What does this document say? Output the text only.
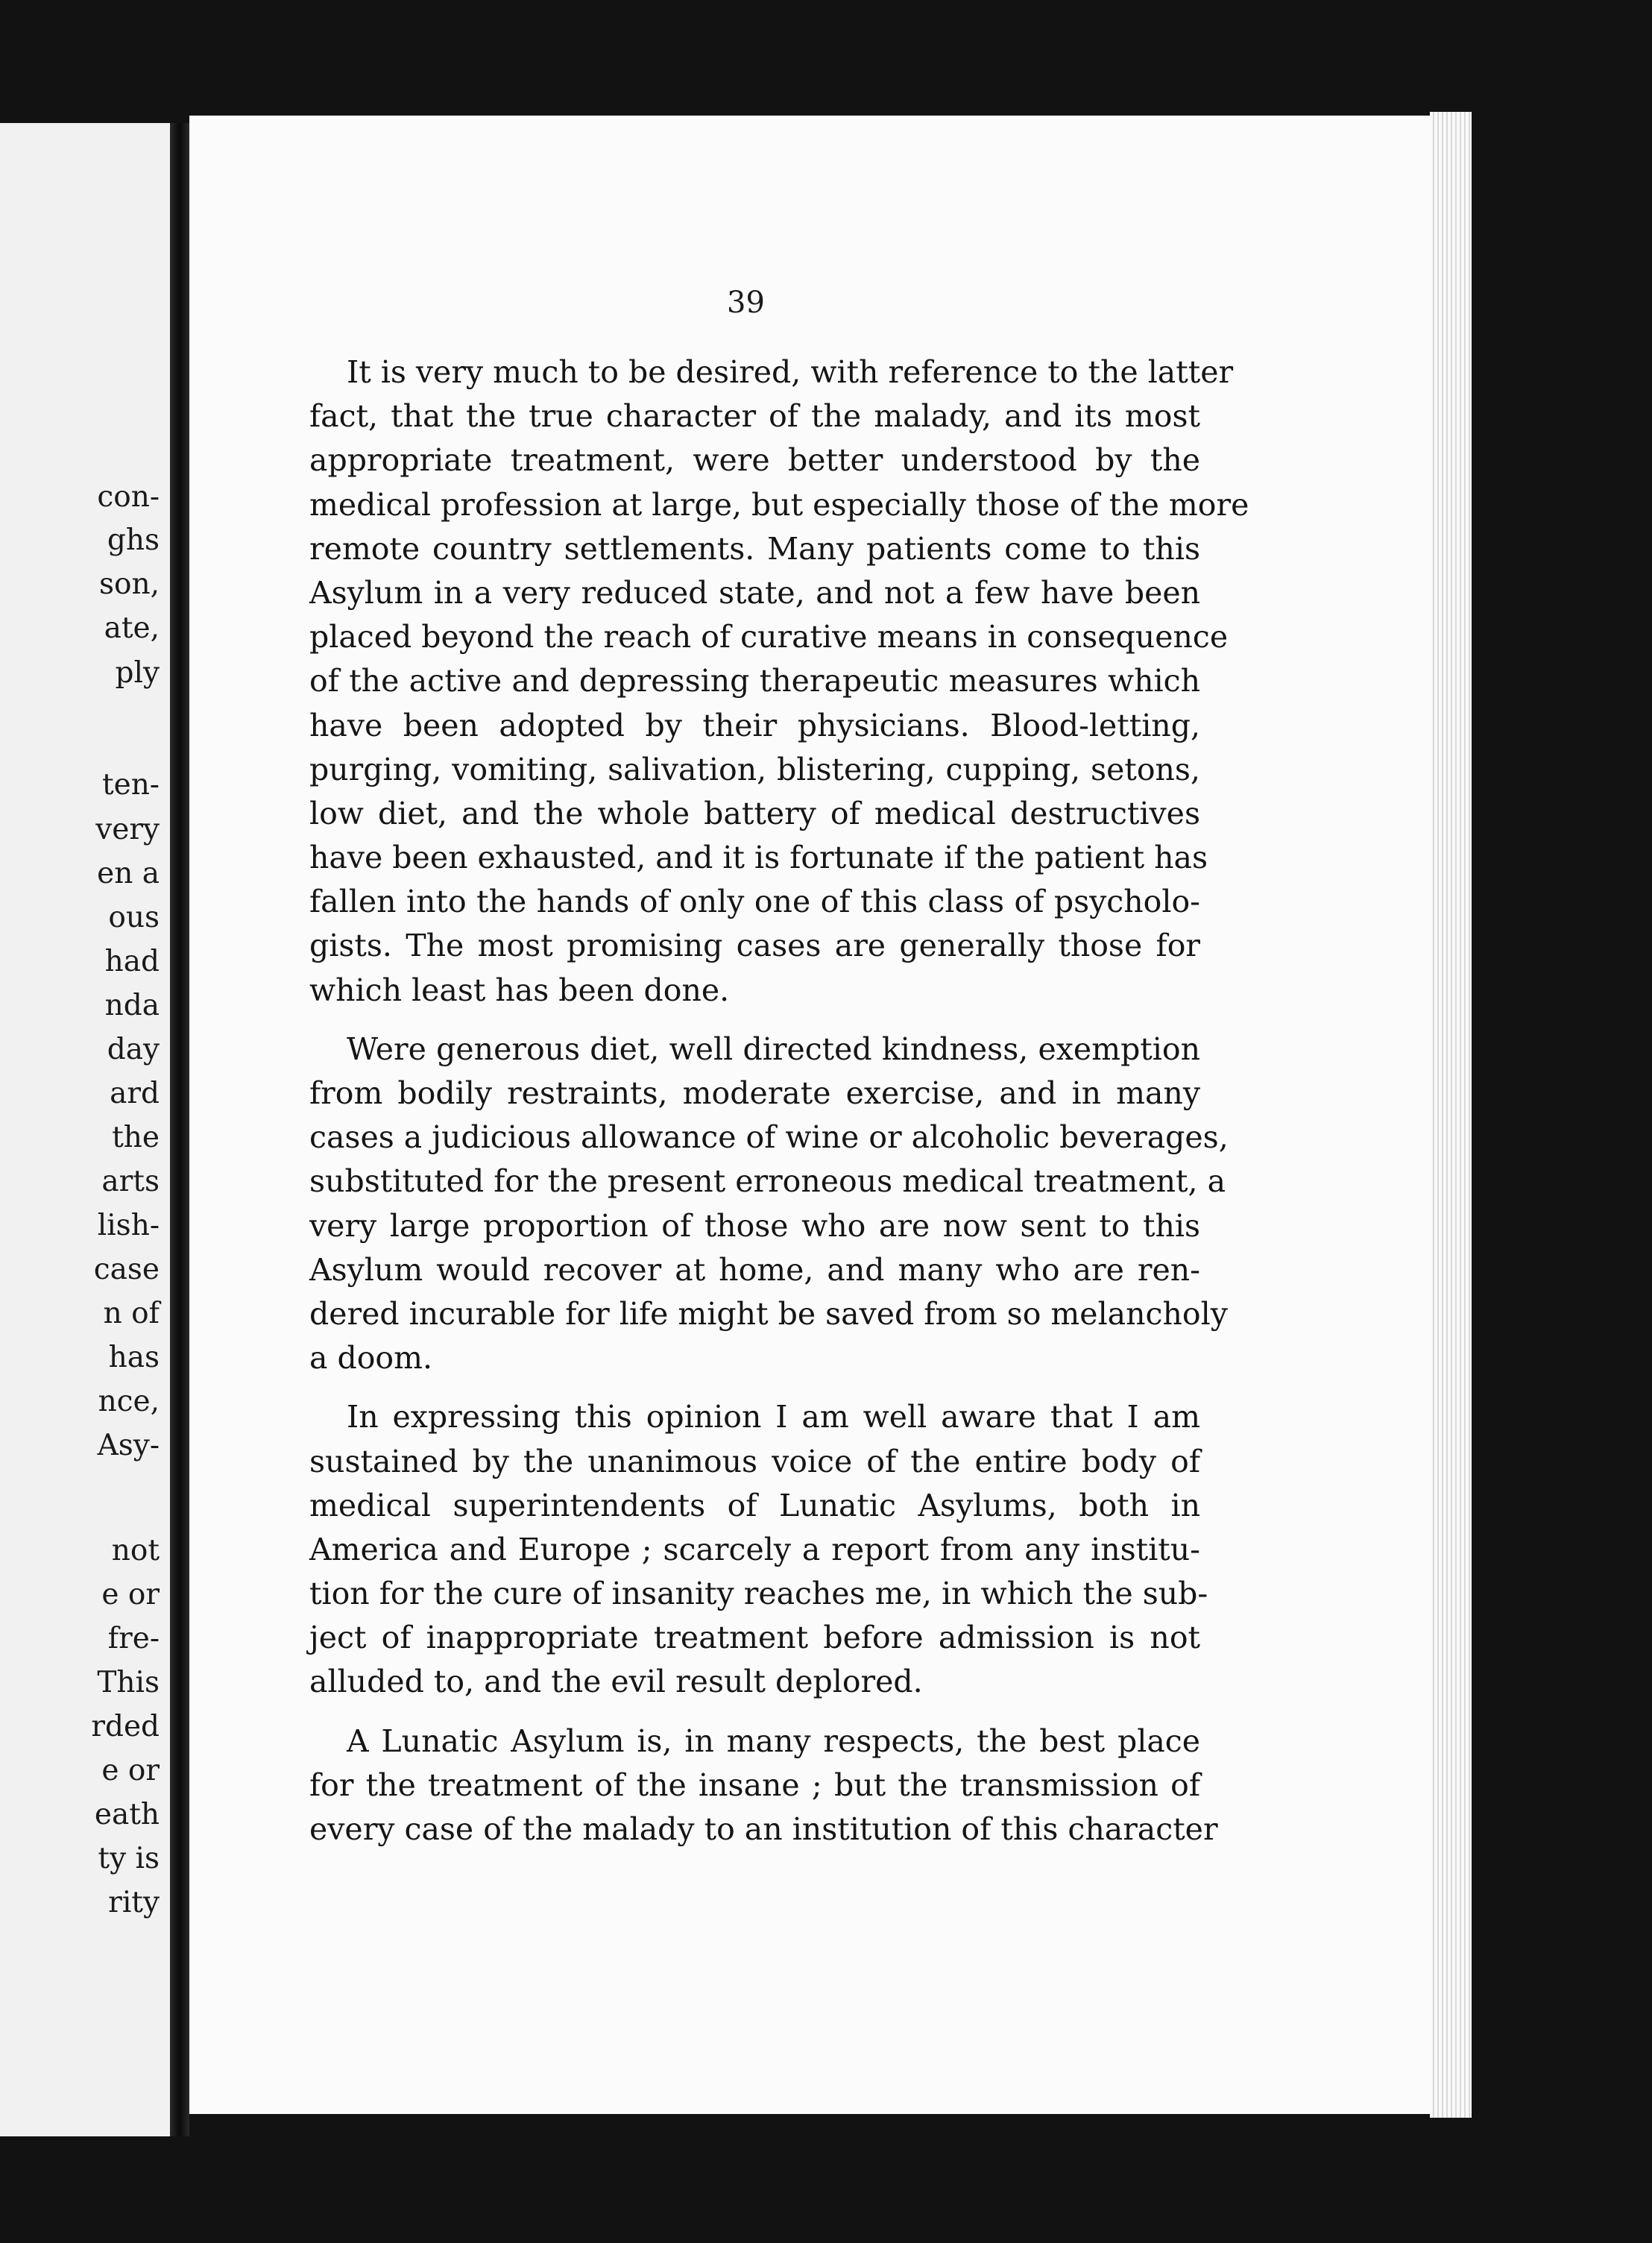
con-
ghs
son,
ate,
ply
ten-
very
en a
ous
had
nda
day
ard
the
arts
lish-
case
n of
has
nce,
Asy-
not
e or
fre-
This
rded
e or
eath
ty is
rity
39
It is very much to be desired, with reference to the latter
fact, that the true character of the malady, and its most
appropriate treatment, were better understood by the
medical profession at large, but especially those of the more
remote country settlements. Many patients come to this
Asylum in a very reduced state, and not a few have been
placed beyond the reach of curative means in consequence
of the active and depressing therapeutic measures which
have been adopted by their physicians. Blood-letting,
purging, vomiting, salivation, blistering, cupping, setons,
low diet, and the whole battery of medical destructives
have been exhausted, and it is fortunate if the patient has
fallen into the hands of only one of this class of psycholo-
gists. The most promising cases are generally those for
which least has been done.
Were generous diet, well directed kindness, exemption
from bodily restraints, moderate exercise, and in many
cases a judicious allowance of wine or alcoholic beverages,
substituted for the present erroneous medical treatment, a
very large proportion of those who are now sent to this
Asylum would recover at home, and many who are ren-
dered incurable for life might be saved from so melancholy
a doom.
In expressing this opinion I am well aware that I am
sustained by the unanimous voice of the entire body of
medical superintendents of Lunatic Asylums, both in
America and Europe ; scarcely a report from any institu-
tion for the cure of insanity reaches me, in which the sub-
ject of inappropriate treatment before admission is not
alluded to, and the evil result deplored.
A Lunatic Asylum is, in many respects, the best place
for the treatment of the insane ; but the transmission of
every case of the malady to an institution of this character
